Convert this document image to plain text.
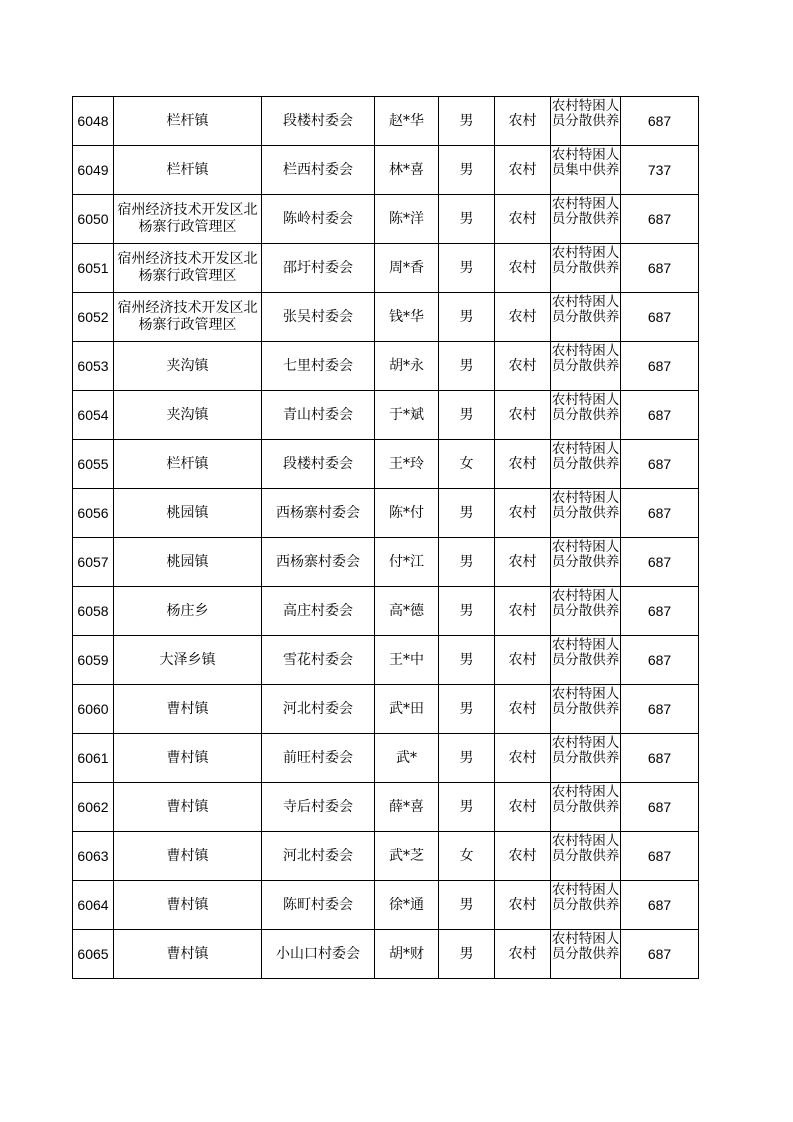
6048	栏杆镇	段楼村委会	赵*华	男	农村	农村特困人员分散供养	687
6049	栏杆镇	栏西村委会	林*喜	男	农村	农村特困人员集中供养	737
6050	宿州经济技术开发区北杨寨行政管理区	陈岭村委会	陈*洋	男	农村	农村特困人员分散供养	687
6051	宿州经济技术开发区北杨寨行政管理区	邵圩村委会	周*香	男	农村	农村特困人员分散供养	687
6052	宿州经济技术开发区北杨寨行政管理区	张吴村委会	钱*华	男	农村	农村特困人员分散供养	687
6053	夹沟镇	七里村委会	胡*永	男	农村	农村特困人员分散供养	687
6054	夹沟镇	青山村委会	于*斌	男	农村	农村特困人员分散供养	687
6055	栏杆镇	段楼村委会	王*玲	女	农村	农村特困人员分散供养	687
6056	桃园镇	西杨寨村委会	陈*付	男	农村	农村特困人员分散供养	687
6057	桃园镇	西杨寨村委会	付*江	男	农村	农村特困人员分散供养	687
6058	杨庄乡	高庄村委会	高*德	男	农村	农村特困人员分散供养	687
6059	大泽乡镇	雪花村委会	王*中	男	农村	农村特困人员分散供养	687
6060	曹村镇	河北村委会	武*田	男	农村	农村特困人员分散供养	687
6061	曹村镇	前旺村委会	武*	男	农村	农村特困人员分散供养	687
6062	曹村镇	寺后村委会	薛*喜	男	农村	农村特困人员分散供养	687
6063	曹村镇	河北村委会	武*芝	女	农村	农村特困人员分散供养	687
6064	曹村镇	陈町村委会	徐*通	男	农村	农村特困人员分散供养	687
6065	曹村镇	小山口村委会	胡*财	男	农村	农村特困人员分散供养	687
